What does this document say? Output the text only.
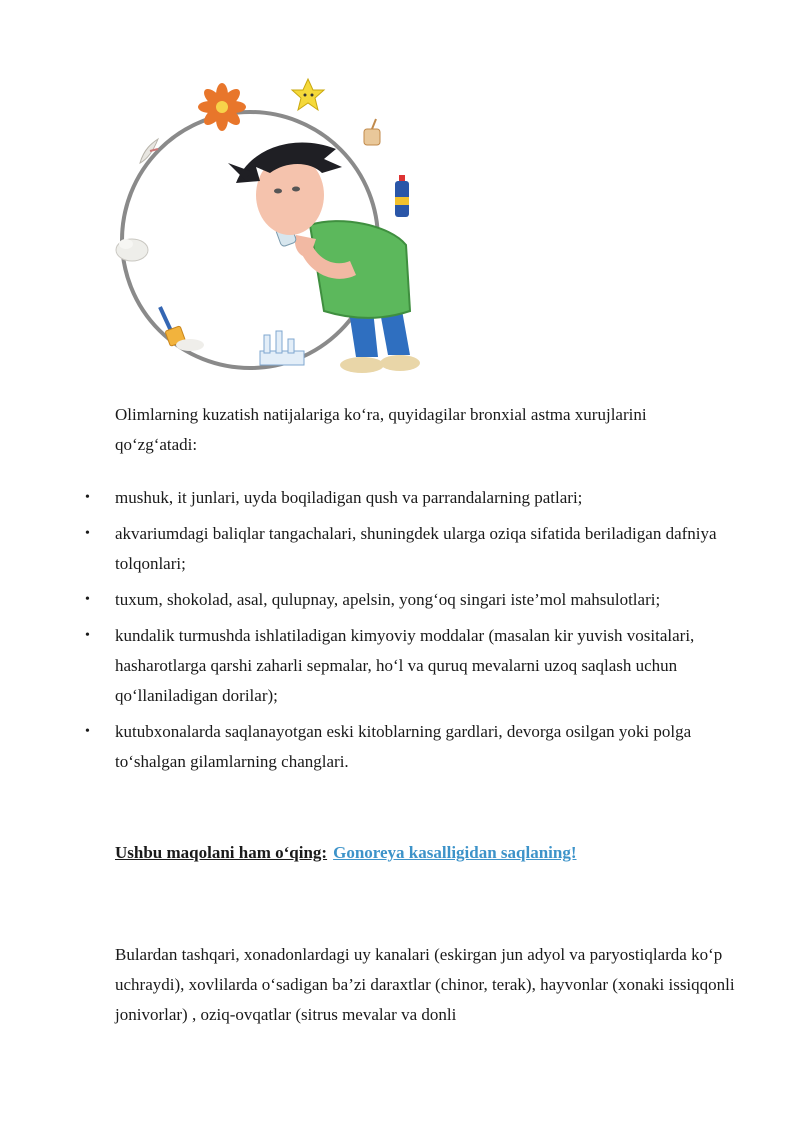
Olimlarning kuzatish natijalariga ko‘ra, quyidagilar bronxial astma xurujlarini qo‘zg‘atadi:
• mushuk, it junlari, uyda boqiladigan qush va parrandalarning patlari;
• akvariumdagi baliqlar tangachalari, shuningdek ularga oziqa sifatida beriladigan dafniya tolqonlari;
• tuxum, shokolad, asal, qulupnay, apelsin, yong‘oq singari iste’mol mahsulotlari;
• kundalik turmushda ishlatiladigan kimyoviy moddalar (masalan kir yuvish vositalari, hasharotlarga qarshi zaharli sepmalar, ho‘l va quruq mevalarni uzoq saqlash uchun qo‘llaniladigan dorilar);
• kutubxonalarda saqlanayotgan eski kitoblarning gardlari, devorga osilgan yoki polga to‘shalgan gilamlarning changlari.
Ushbu maqolani ham o‘qing: Gonoreya kasalligidan saqlaning!
Bulardan tashqari, xonadonlardagi uy kanalari (eskirgan jun adyol va paryostiqlarda ko‘p uchraydi), xovlilarda o‘sadigan ba’zi daraxtlar (chinor, terak), hayvonlar (xonaki issiqqonli jonivorlar) , oziq-ovqatlar (sitrus mevalar va donli
